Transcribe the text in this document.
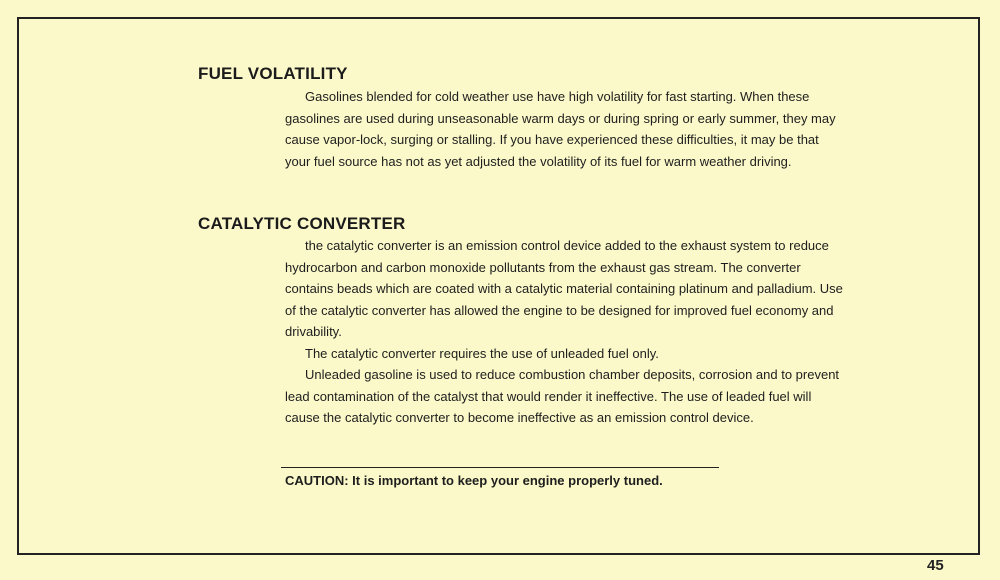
FUEL VOLATILITY

Gasolines blended for cold weather use have high volatility for fast starting. When these gasolines are used during unseasonable warm days or during spring or early summer, they may cause vapor-lock, surging or stalling. If you have experienced these difficulties, it may be that your fuel source has not as yet adjusted the volatility of its fuel for warm weather driving.

CATALYTIC CONVERTER

the catalytic converter is an emission control device added to the exhaust system to reduce hydrocarbon and carbon monoxide pollutants from the exhaust gas stream. The converter contains beads which are coated with a catalytic material containing platinum and palladium. Use of the catalytic converter has allowed the engine to be designed for improved fuel economy and drivability.

The catalytic converter requires the use of unleaded fuel only.

Unleaded gasoline is used to reduce combustion chamber deposits, corrosion and to prevent lead contamination of the catalyst that would render it ineffective. The use of leaded fuel will cause the catalytic converter to become ineffective as an emission control device.

CAUTION: It is important to keep your engine properly tuned.

45
